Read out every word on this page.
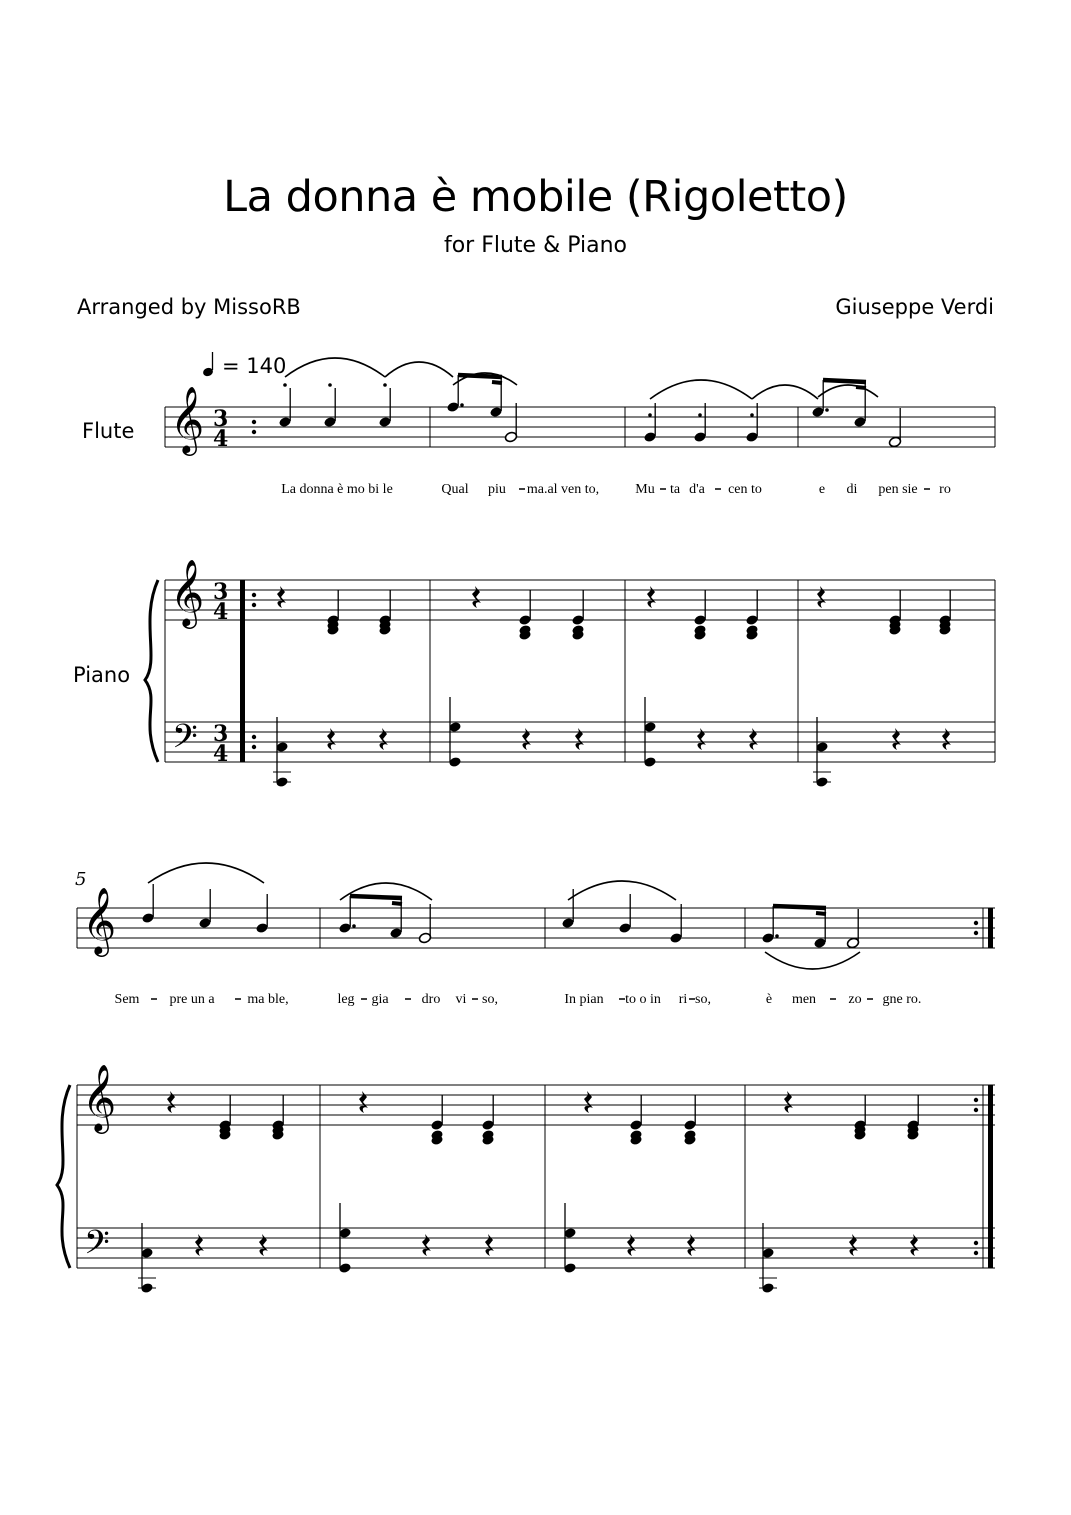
La donna è mobile (Rigoletto)
for Flute & Piano
Arranged by MissoRB	Giuseppe Verdi
= 140
Flute
Piano
5
𝄞
𝄞
𝄢
3
4
3
4
3
4
𝄞
𝄞
𝄢
La donna è mo bi le	Qual piu ma.al ven to,	Mu ta d'a cen to	e di pen sie ro
Sem pre un a ma ble,	leg gia dro vi so,	In pian to o in ri so,	è men zo gne ro.
